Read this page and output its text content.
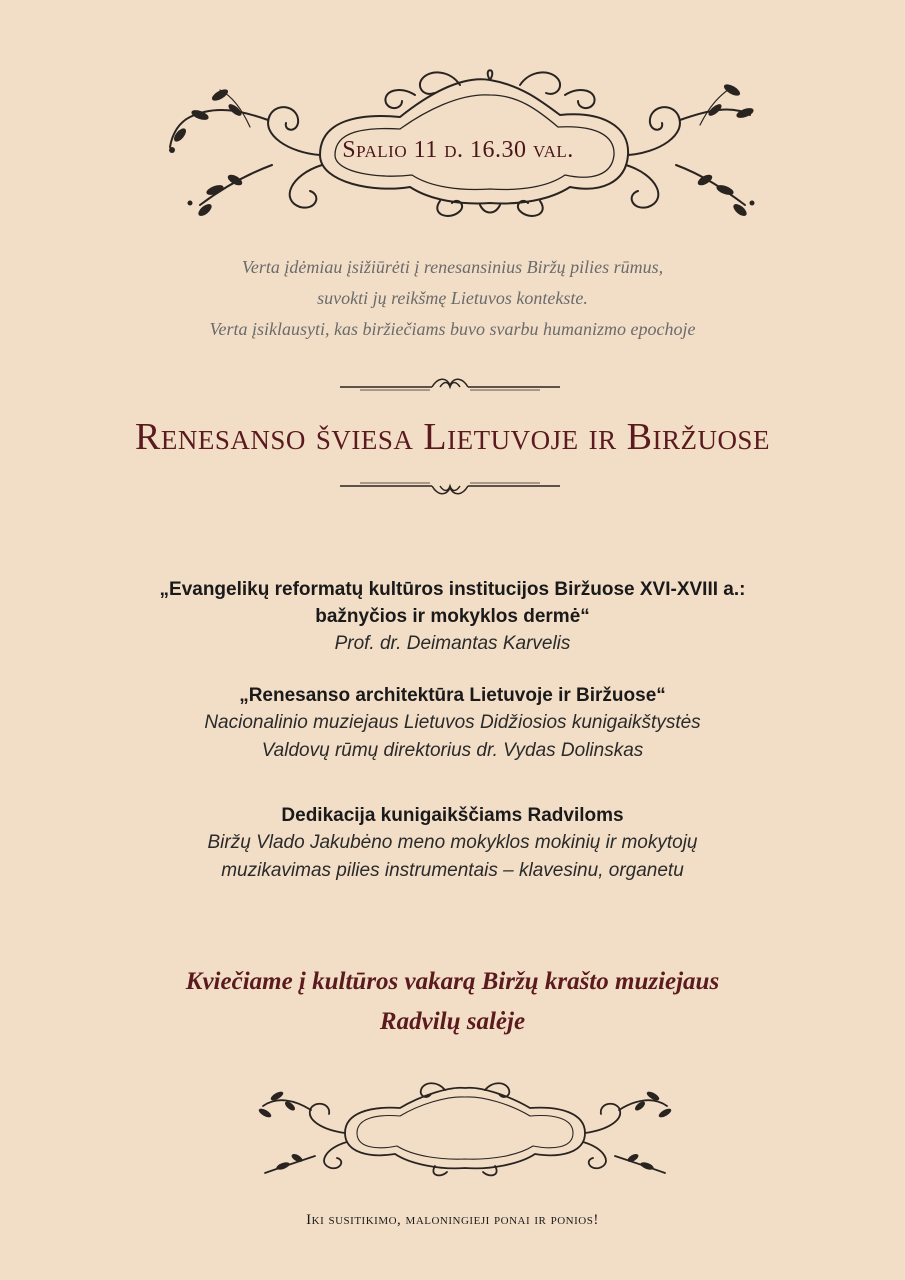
Spalio 11 d. 16.30 val.
Verta įdėmiau įsižiūrėti į renesansinius Biržų pilies rūmus,
suvokti jų reikšmę Lietuvos kontekste.
Verta įsiklausyti, kas biržiečiams buvo svarbu humanizmo epochoje
Renesanso šviesa Lietuvoje ir Biržuose
„Evangelikų reformatų kultūros institucijos Biržuose XVI-XVIII a.:
bažnyčios ir mokyklos dermė“
Prof. dr. Deimantas Karvelis
„Renesanso architektūra Lietuvoje ir Biržuose“
Nacionalinio muziejaus Lietuvos Didžiosios kunigaikštystės
Valdovų rūmų direktorius dr. Vydas Dolinskas
Dedikacija kunigaikščiams Radviloms
Biržų Vlado Jakubėno meno mokyklos mokinių ir mokytojų
muzikavimas pilies instrumentais – klavesinu, organetu
Kviečiame į kultūros vakarą Biržų krašto muziejaus
Radvilų salėje
Iki susitikimo, maloningieji ponai ir ponios!
